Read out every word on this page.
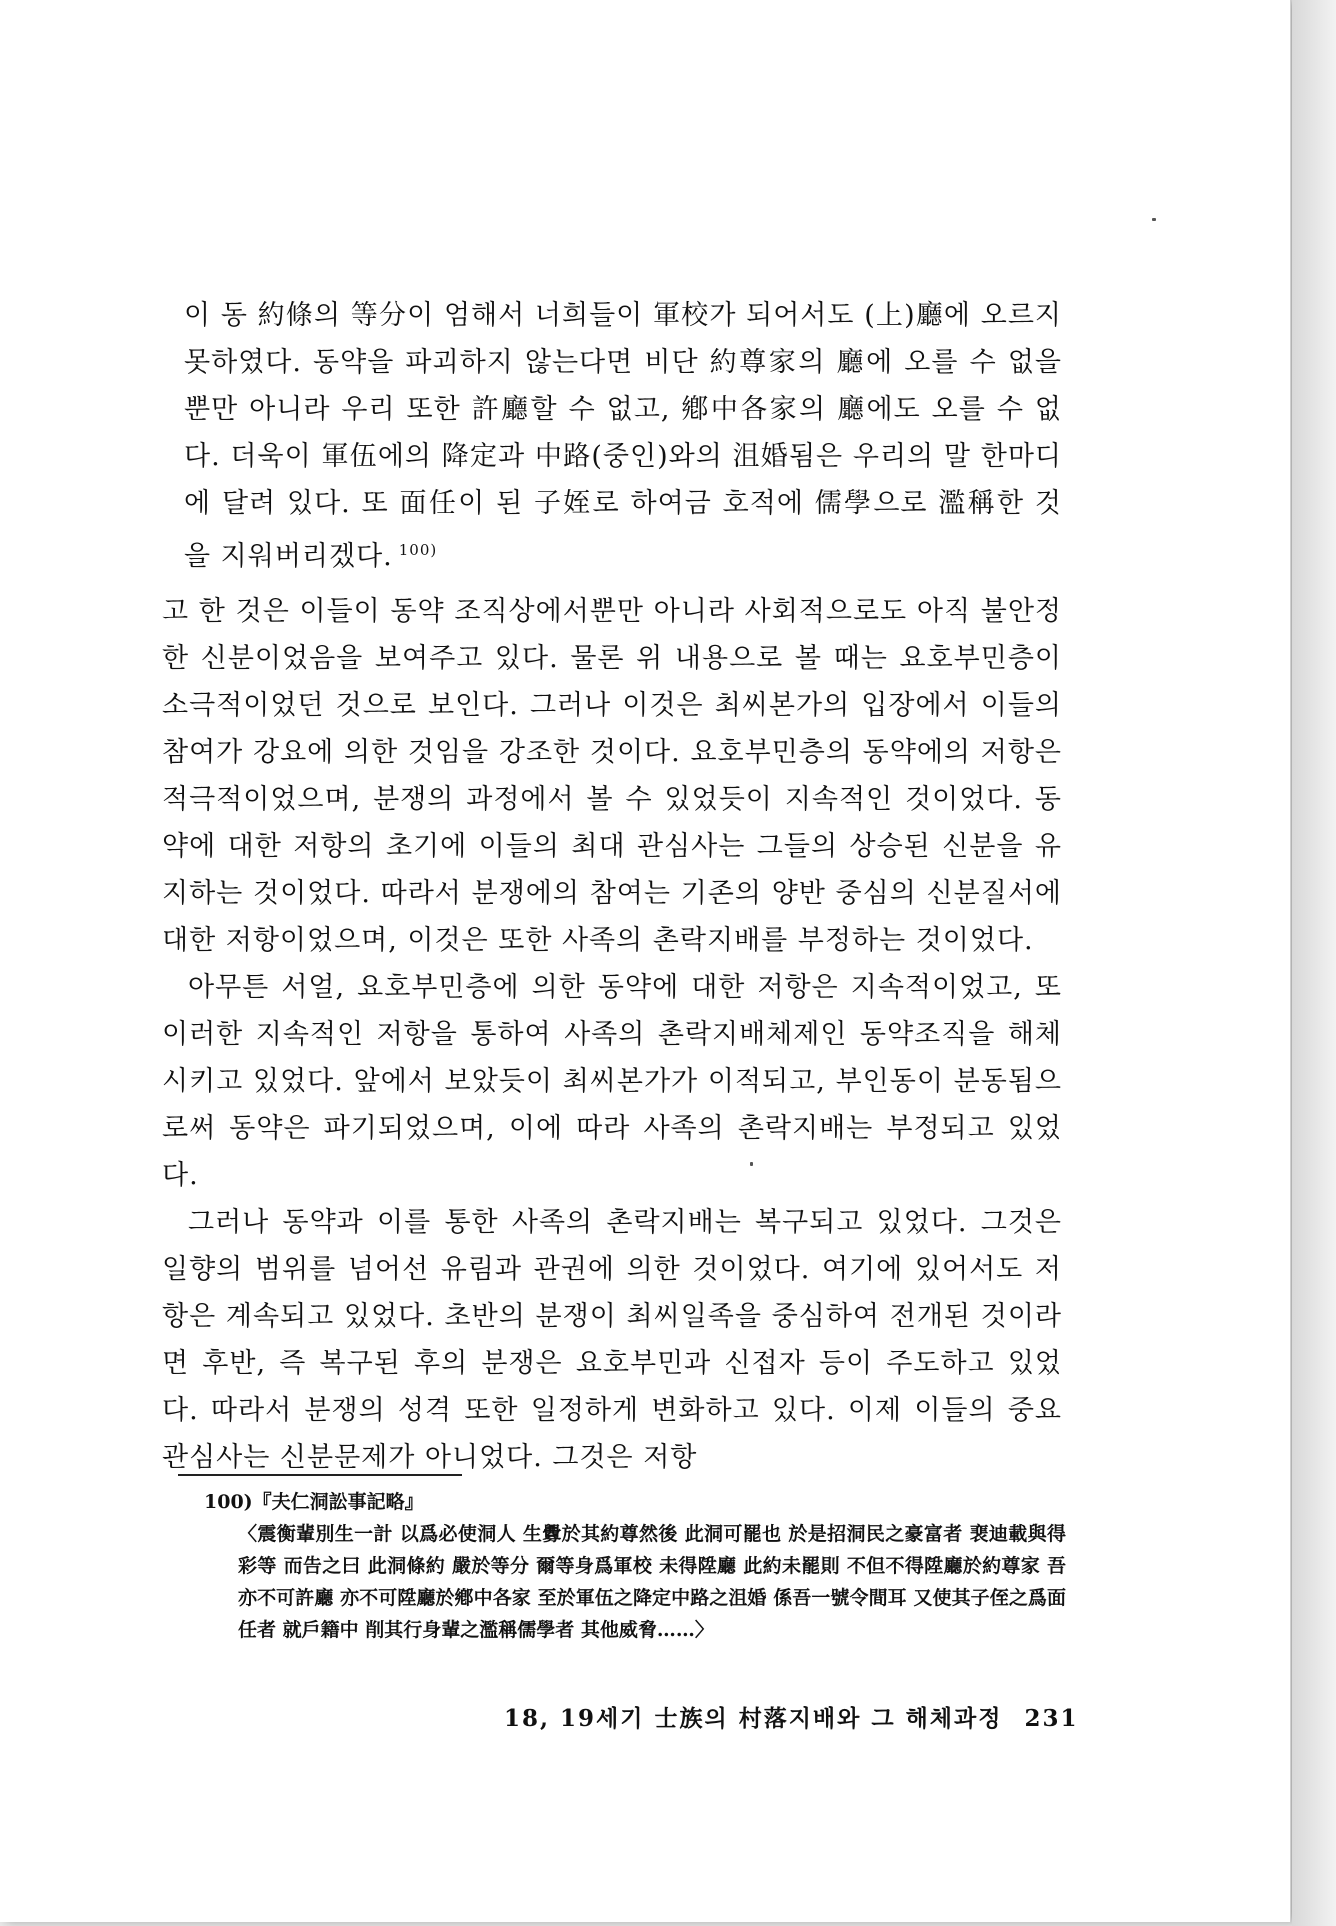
이 동 約條의 等分이 엄해서 너희들이 軍校가 되어서도 (上)廳에 오르지 못하였다. 동약을 파괴하지 않는다면 비단 約尊家의 廳에 오를 수 없을 뿐만 아니라 우리 또한 許廳할 수 없고, 鄕中各家의 廳에도 오를 수 없다. 더욱이 軍伍에의 降定과 中路(중인)와의 沮婚됨은 우리의 말 한마디에 달려 있다. 또 面任이 된 子姪로 하여금 호적에 儒學으로 濫稱한 것을 지워버리겠다. $^{100)}$

고 한 것은 이들이 동약 조직상에서뿐만 아니라 사회적으로도 아직 불안정한 신분이었음을 보여주고 있다. 물론 위 내용으로 볼 때는 요호부민층이 소극적이었던 것으로 보인다. 그러나 이것은 최씨본가의 입장에서 이들의 참여가 강요에 의한 것임을 강조한 것이다. 요호부민층의 동약에의 저항은 적극적이었으며, 분쟁의 과정에서 볼 수 있었듯이 지속적인 것이었다. 동약에 대한 저항의 초기에 이들의 최대 관심사는 그들의 상승된 신분을 유지하는 것이었다. 따라서 분쟁에의 참여는 기존의 양반 중심의 신분질서에 대한 저항이었으며, 이것은 또한 사족의 촌락지배를 부정하는 것이었다.

아무튼 서얼, 요호부민층에 의한 동약에 대한 저항은 지속적이었고, 또 이러한 지속적인 저항을 통하여 사족의 촌락지배체제인 동약조직을 해체시키고 있었다. 앞에서 보았듯이 최씨본가가 이적되고, 부인동이 분동됨으로써 동약은 파기되었으며, 이에 따라 사족의 촌락지배는 부정되고 있었다.

그러나 동약과 이를 통한 사족의 촌락지배는 복구되고 있었다. 그것은 일향의 범위를 넘어선 유림과 관권에 의한 것이었다. 여기에 있어서도 저항은 계속되고 있었다. 초반의 분쟁이 최씨일족을 중심하여 전개된 것이라면 후반, 즉 복구된 후의 분쟁은 요호부민과 신접자 등이 주도하고 있었다. 따라서 분쟁의 성격 또한 일정하게 변화하고 있다. 이제 이들의 중요 관심사는 신분문제가 아니었다. 그것은 저항

100)『夫仁洞訟事記略』

〈震衡輩別生一計 以爲必使洞人 生釁於其約尊然後 此洞可罷也 於是招洞民之豪富者 裵迪載與得彩等 而告之曰 此洞條約 嚴於等分 爾等身爲軍校 未得陞廳 此約未罷則 不但不得陞廳於約尊家 吾亦不可許廳 亦不可陞廳於鄕中各家 至於軍伍之降定中路之沮婚 係吾一號令間耳 又使其子侄之爲面任者 就戶籍中 削其行身輩之濫稱儒學者 其他威脅……〉

18, 19세기 士族의 村落지배와 그 해체과정 231
